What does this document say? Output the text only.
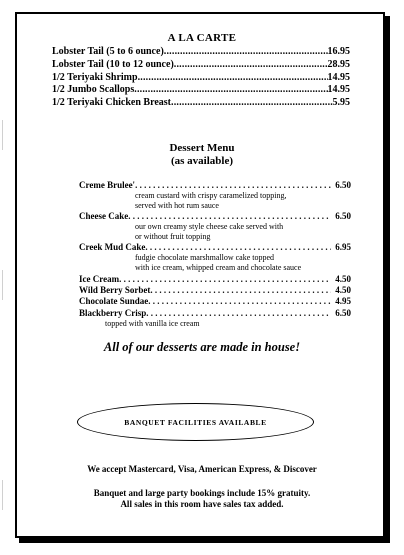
A LA CARTE
Lobster Tail (5 to 6 ounce) .....	16.95
Lobster Tail (10 to 12 ounce) .....	28.95
1/2 Teriyaki Shrimp .....	14.95
1/2 Jumbo Scallops .....	14.95
1/2 Teriyaki Chicken Breast .....	5.95
Dessert Menu
(as available)
Creme Brulee' . . .	6.50
cream custard with crispy caramelized topping,
served with hot rum sauce
Cheese Cake . . .	6.50
our own creamy style cheese cake served with
or without fruit topping
Creek Mud Cake . . .	6.95
fudgie chocolate marshmallow cake topped
with ice cream, whipped cream and chocolate sauce
Ice Cream . . .	4.50
Wild Berry Sorbet . . .	4.50
Chocolate Sundae . . .	4.95
Blackberry Crisp . . .	6.50
topped with vanilla ice cream
All of our desserts are made in house!
BANQUET FACILITIES AVAILABLE
We accept Mastercard, Visa, American Express, & Discover
Banquet and large party bookings include 15% gratuity.
All sales in this room have sales tax added.
